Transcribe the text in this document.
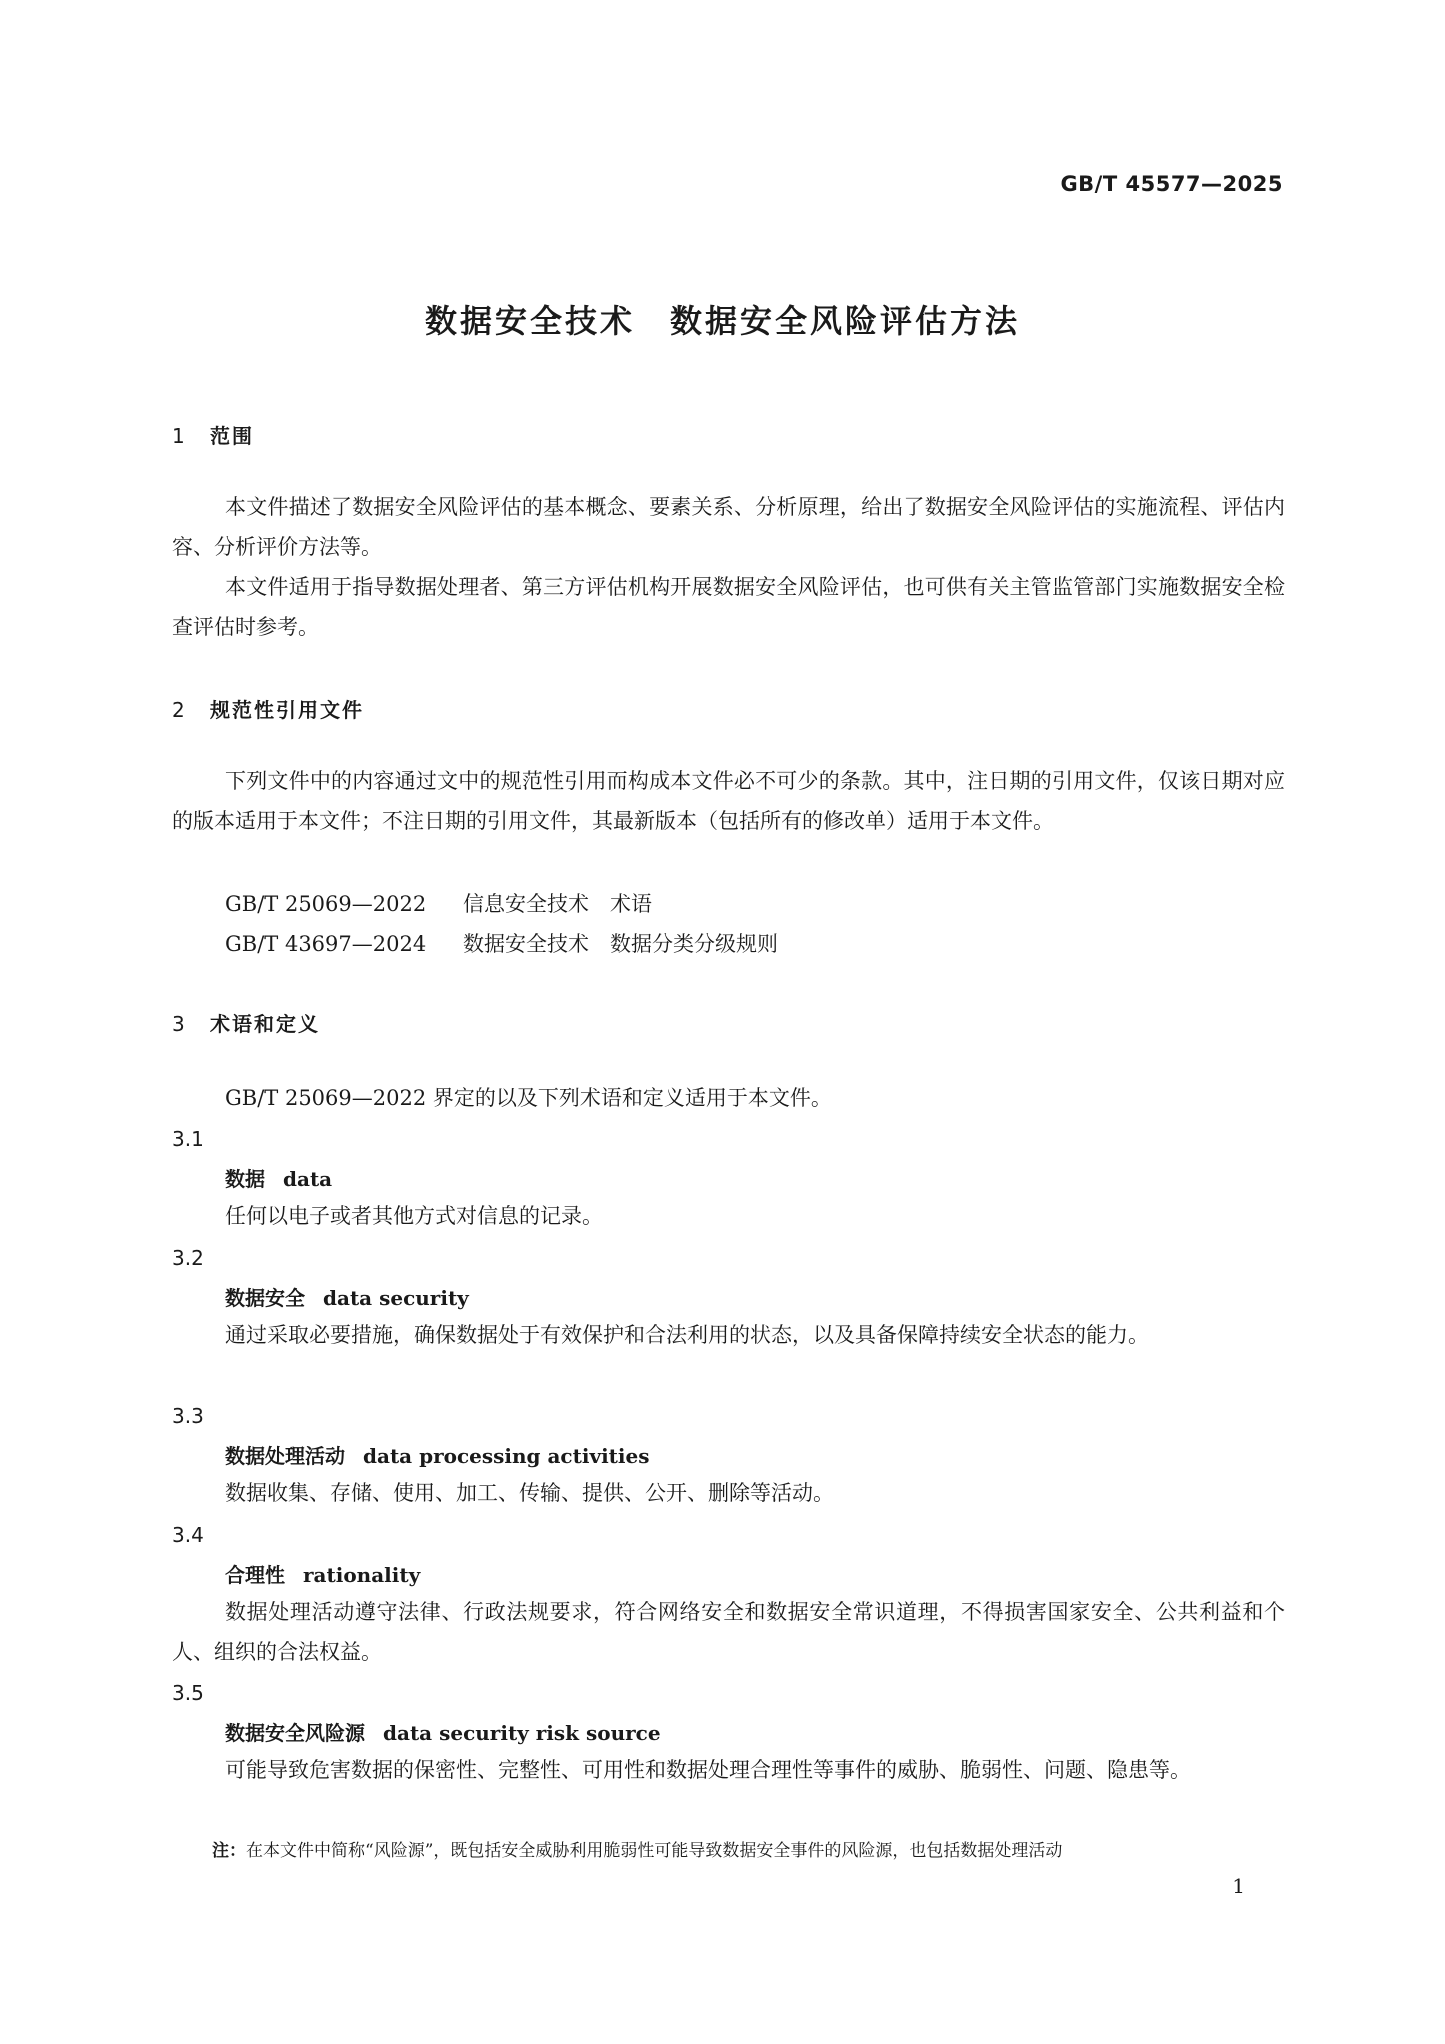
GB/T 45577—2025
数据安全技术　数据安全风险评估方法
1 范围

本文件描述了数据安全风险评估的基本概念、要素关系、分析原理，给出了数据安全风险评估的实施流程、评估内容、分析评价方法等。

本文件适用于指导数据处理者、第三方评估机构开展数据安全风险评估，也可供有关主管监管部门实施数据安全检查评估时参考。

2 规范性引用文件

下列文件中的内容通过文中的规范性引用而构成本文件必不可少的条款。其中，注日期的引用文件，仅该日期对应的版本适用于本文件；不注日期的引用文件，其最新版本（包括所有的修改单）适用于本文件。

GB/T 25069—2022 信息安全技术　术语
GB/T 43697—2024 数据安全技术　数据分类分级规则
3 术语和定义
GB/T 25069—2022 界定的以及下列术语和定义适用于本文件。
3.1
数据 data

任何以电子或者其他方式对信息的记录。

3.2
数据安全 data security

通过采取必要措施，确保数据处于有效保护和合法利用的状态，以及具备保障持续安全状态的能力。

3.3
数据处理活动 data processing activities

数据收集、存储、使用、加工、传输、提供、公开、删除等活动。

3.4
合理性 rationality

数据处理活动遵守法律、行政法规要求，符合网络安全和数据安全常识道理，不得损害国家安全、公共利益和个人、组织的合法权益。

3.5
数据安全风险源 data security risk source

可能导致危害数据的保密性、完整性、可用性和数据处理合理性等事件的威胁、脆弱性、问题、隐患等。

注：在本文件中简称“风险源”，既包括安全威胁利用脆弱性可能导致数据安全事件的风险源，也包括数据处理活动
1
